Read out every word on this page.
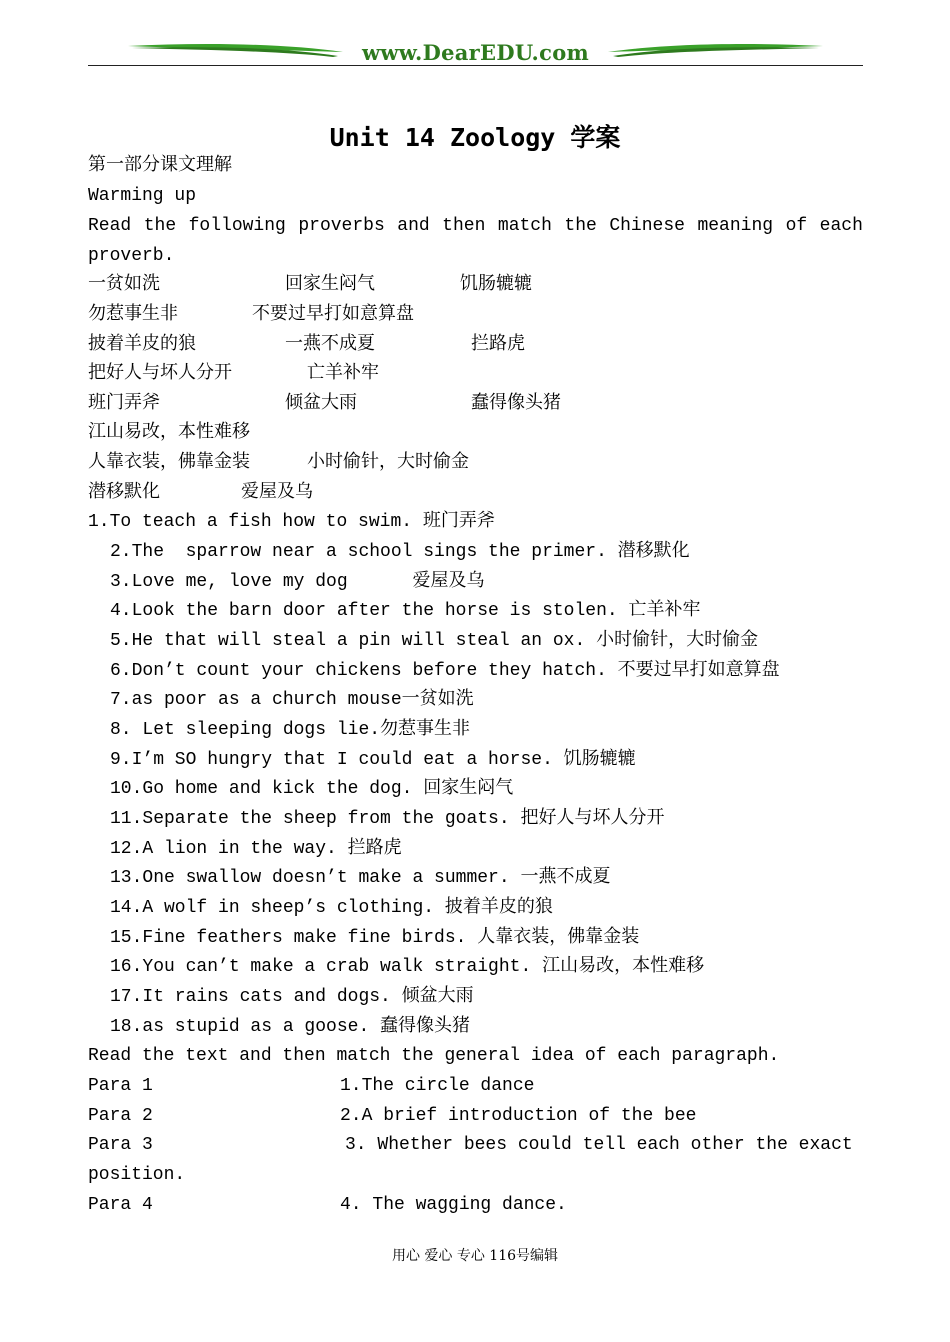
www.DearEDU.com
Unit 14 Zoology 学案
第一部分课文理解
Warming up
Read the following proverbs and then match the Chinese meaning of each
proverb.
一贫如洗	回家生闷气	饥肠辘辘
勿惹事生非	不要过早打如意算盘
披着羊皮的狼	一燕不成夏	拦路虎
把好人与坏人分开	亡羊补牢
班门弄斧	倾盆大雨	蠢得像头猪
江山易改，本性难移
人靠衣装，佛靠金装	小时偷针，大时偷金
潜移默化	爱屋及乌
1.To teach a fish how to swim. 班门弄斧
2.The  sparrow near a school sings the primer. 潜移默化
3.Love me, love my dog      爱屋及乌
4.Look the barn door after the horse is stolen. 亡羊补牢
5.He that will steal a pin will steal an ox. 小时偷针，大时偷金
6.Don’t count your chickens before they hatch. 不要过早打如意算盘
7.as poor as a church mouse一贫如洗
8. Let sleeping dogs lie.勿惹事生非
9.I’m SO hungry that I could eat a horse. 饥肠辘辘
10.Go home and kick the dog. 回家生闷气
11.Separate the sheep from the goats. 把好人与坏人分开
12.A lion in the way. 拦路虎
13.One swallow doesn’t make a summer. 一燕不成夏
14.A wolf in sheep’s clothing. 披着羊皮的狼
15.Fine feathers make fine birds. 人靠衣装，佛靠金装
16.You can’t make a crab walk straight. 江山易改，本性难移
17.It rains cats and dogs. 倾盆大雨
18.as stupid as a goose. 蠢得像头猪
Read the text and then match the general idea of each paragraph.
Para 1	1.The circle dance
Para 2	2.A brief introduction of the bee
Para 3	3. Whether bees could tell each other the exact
position.
Para 4	4. The wagging dance.
用心 爱心 专心 116号编辑
